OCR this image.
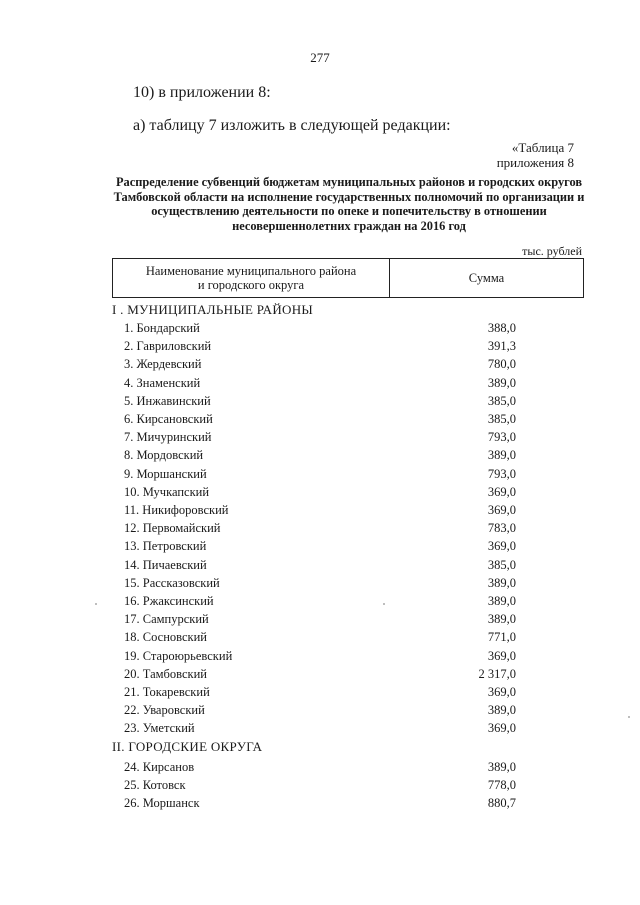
277
10) в приложении 8:
а) таблицу 7 изложить в следующей редакции:
«Таблица 7
приложения 8
Распределение субвенций бюджетам муниципальных районов и городских округов Тамбовской области на исполнение государственных полномочий по организации и осуществлению деятельности по опеке и попечительству в отношении несовершеннолетних граждан на 2016 год
тыс. рублей
Наименование муниципального района
и городского округа
Сумма
I . МУНИЦИПАЛЬНЫЕ РАЙОНЫ
1. Бондарский	388,0
2. Гавриловский	391,3
3. Жердевский	780,0
4. Знаменский	389,0
5. Инжавинский	385,0
6. Кирсановский	385,0
7. Мичуринский	793,0
8. Мордовский	389,0
9. Моршанский	793,0
10. Мучкапский	369,0
11. Никифоровский	369,0
12. Первомайский	783,0
13. Петровский	369,0
14. Пичаевский	385,0
15. Рассказовский	389,0
16. Ржаксинский	389,0
17. Сампурский	389,0
18. Сосновский	771,0
19. Староюрьевский	369,0
20. Тамбовский	2 317,0
21. Токаревский	369,0
22. Уваровский	389,0
23. Уметский	369,0
II. ГОРОДСКИЕ ОКРУГА
24. Кирсанов	389,0
25. Котовск	778,0
26. Моршанск	880,7
